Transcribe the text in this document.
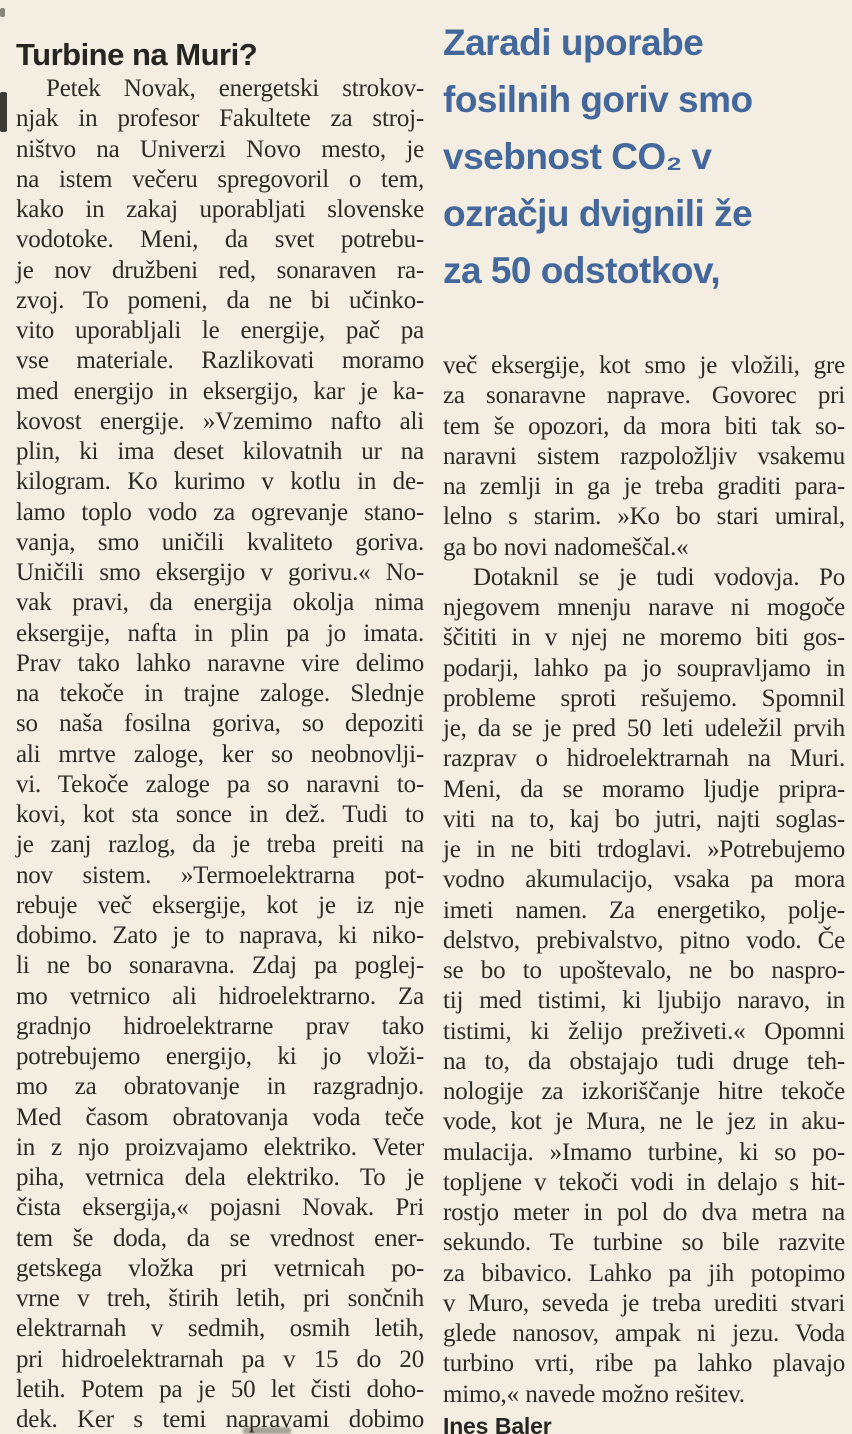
Turbine na Muri?
Petek Novak, energetski strokov-
njak in profesor Fakultete za stroj-
ništvo na Univerzi Novo mesto, je
na istem večeru spregovoril o tem,
kako in zakaj uporabljati slovenske
vodotoke. Meni, da svet potrebu-
je nov družbeni red, sonaraven ra-
zvoj. To pomeni, da ne bi učinko-
vito uporabljali le energije, pač pa
vse materiale. Razlikovati moramo
med energijo in eksergijo, kar je ka-
kovost energije. »Vzemimo nafto ali
plin, ki ima deset kilovatnih ur na
kilogram. Ko kurimo v kotlu in de-
lamo toplo vodo za ogrevanje stano-
vanja, smo uničili kvaliteto goriva.
Uničili smo eksergijo v gorivu.« No-
vak pravi, da energija okolja nima
eksergije, nafta in plin pa jo imata.
Prav tako lahko naravne vire delimo
na tekoče in trajne zaloge. Slednje
so naša fosilna goriva, so depoziti
ali mrtve zaloge, ker so neobnovlji-
vi. Tekoče zaloge pa so naravni to-
kovi, kot sta sonce in dež. Tudi to
je zanj razlog, da je treba preiti na
nov sistem. »Termoelektrarna pot-
rebuje več eksergije, kot je iz nje
dobimo. Zato je to naprava, ki niko-
li ne bo sonaravna. Zdaj pa poglej-
mo vetrnico ali hidroelektrarno. Za
gradnjo hidroelektrarne prav tako
potrebujemo energijo, ki jo vloži-
mo za obratovanje in razgradnjo.
Med časom obratovanja voda teče
in z njo proizvajamo elektriko. Veter
piha, vetrnica dela elektriko. To je
čista eksergija,« pojasni Novak. Pri
tem še doda, da se vrednost ener-
getskega vložka pri vetrnicah po-
vrne v treh, štirih letih, pri sončnih
elektrarnah v sedmih, osmih letih,
pri hidroelektrarnah pa v 15 do 20
letih. Potem pa je 50 let čisti doho-
dek. Ker s temi napravami dobimo
Zaradi uporabe
fosilnih goriv smo
vsebnost CO₂ v
ozračju dvignili že
za 50 odstotkov,
več eksergije, kot smo je vložili, gre
za sonaravne naprave. Govorec pri
tem še opozori, da mora biti tak so-
naravni sistem razpoložljiv vsakemu
na zemlji in ga je treba graditi para-
lelno s starim. »Ko bo stari umiral,
ga bo novi nadomeščal.«
Dotaknil se je tudi vodovja. Po
njegovem mnenju narave ni mogoče
ščititi in v njej ne moremo biti gos-
podarji, lahko pa jo soupravljamo in
probleme sproti rešujemo. Spomnil
je, da se je pred 50 leti udeležil prvih
razprav o hidroelektrarnah na Muri.
Meni, da se moramo ljudje pripra-
viti na to, kaj bo jutri, najti soglas-
je in ne biti trdoglavi. »Potrebujemo
vodno akumulacijo, vsaka pa mora
imeti namen. Za energetiko, polje-
delstvo, prebivalstvo, pitno vodo. Če
se bo to upoštevalo, ne bo naspro-
tij med tistimi, ki ljubijo naravo, in
tistimi, ki želijo preživeti.« Opomni
na to, da obstajajo tudi druge teh-
nologije za izkoriščanje hitre tekoče
vode, kot je Mura, ne le jez in aku-
mulacija. »Imamo turbine, ki so po-
topljene v tekoči vodi in delajo s hit-
rostjo meter in pol do dva metra na
sekundo. Te turbine so bile razvite
za bibavico. Lahko pa jih potopimo
v Muro, seveda je treba urediti stvari
glede nanosov, ampak ni jezu. Voda
turbino vrti, ribe pa lahko plavajo
mimo,« navede možno rešitev.
Ines Baler
